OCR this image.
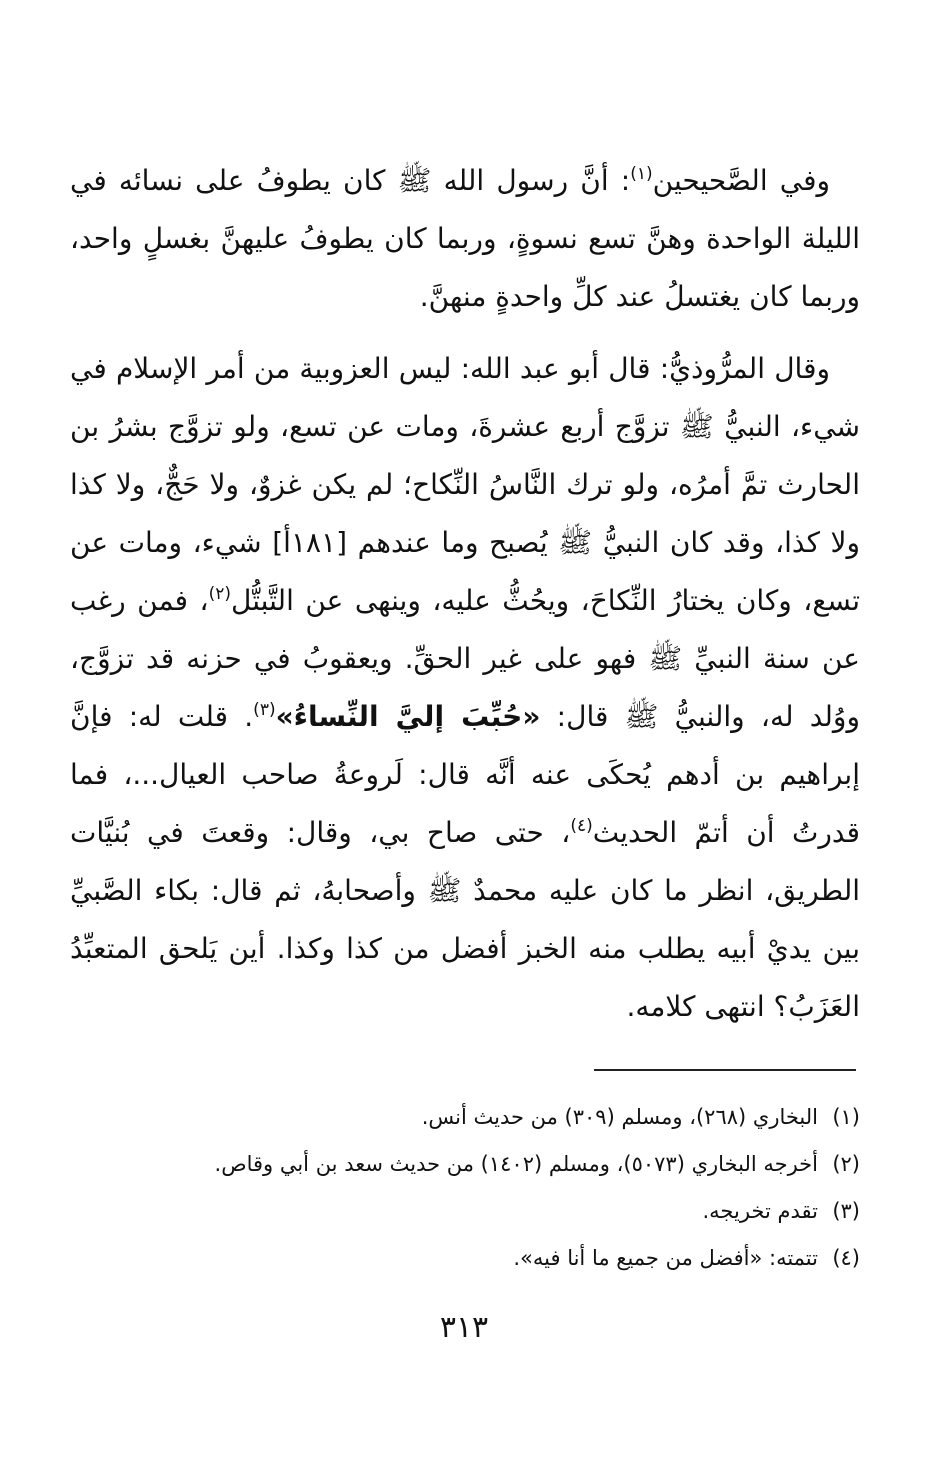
وفي الصَّحيحين$^{(١)}$: أنَّ رسول الله ﷺ كان يطوفُ على نسائه في الليلة الواحدة وهنَّ تسع نسوةٍ، وربما كان يطوفُ عليهنَّ بغسلٍ واحد، وربما كان يغتسلُ عند كلِّ واحدةٍ منهنَّ.

وقال المرُّوذيُّ: قال أبو عبد الله: ليس العزوبية من أمر الإسلام في شيء، النبيُّ ﷺ تزوَّج أربع عشرةَ، ومات عن تسع، ولو تزوَّج بشرُ بن الحارث تمَّ أمرُه، ولو ترك النَّاسُ النِّكاح؛ لم يكن غزوٌ، ولا حَجٌّ، ولا كذا ولا كذا، وقد كان النبيُّ ﷺ يُصبح وما عندهم [١٨١أ] شيء، ومات عن تسع، وكان يختارُ النِّكاحَ، ويحُثُّ عليه، وينهى عن التَّبتُّل$^{(٢)}$، فمن رغب عن سنة النبيِّ ﷺ فهو على غير الحقِّ. ويعقوبُ في حزنه قد تزوَّج، ووُلد له، والنبيُّ ﷺ قال: «حُبِّبَ إليَّ النِّساءُ»$^{(٣)}$. قلت له: فإنَّ إبراهيم بن أدهم يُحكَى عنه أنَّه قال: لَروعةُ صاحب العيال...، فما قدرتُ أن أتمّ الحديث$^{(٤)}$، حتى صاح بي، وقال: وقعتَ في بُنيَّات الطريق، انظر ما كان عليه محمدٌ ﷺ وأصحابهُ، ثم قال: بكاء الصَّبيِّ بين يديْ أبيه يطلب منه الخبز أفضل من كذا وكذا. أين يَلحق المتعبِّدُ العَزَبُ؟ انتهى كلامه.

(١)البخاري (٢٦٨)، ومسلم (٣٠٩) من حديث أنس.
(٢)أخرجه البخاري (٥٠٧٣)، ومسلم (١٤٠٢) من حديث سعد بن أبي وقاص.
(٣)تقدم تخريجه.
(٤)تتمته: «أفضل من جميع ما أنا فيه».
٣١٣
